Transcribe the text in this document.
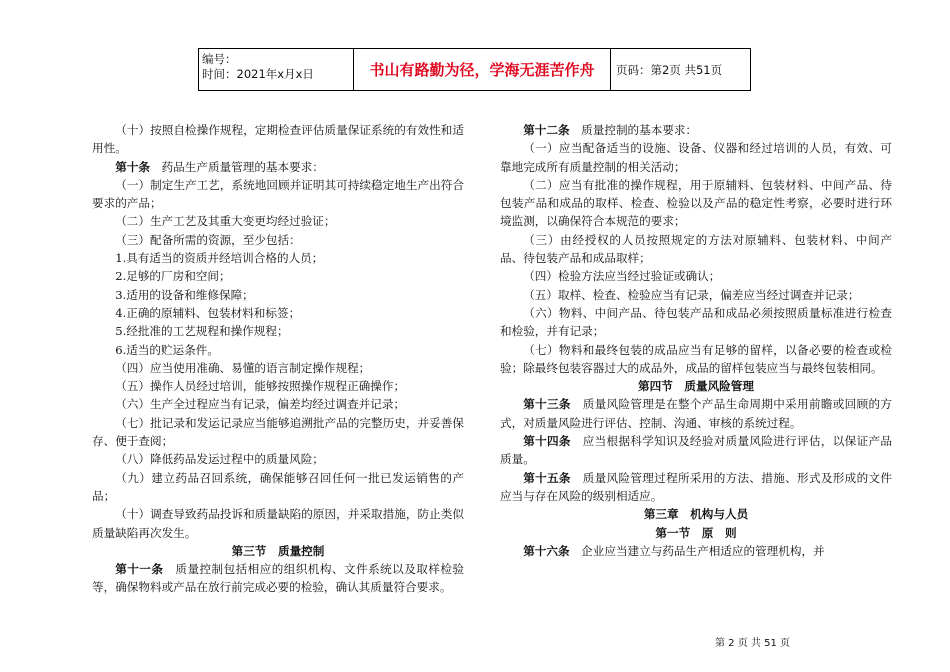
编号：
时间：2021年x月x日	书山有路勤为径，学海无涯苦作舟	页码：第2页 共51页

（十）按照自检操作规程，定期检查评估质量保证系统的有效性和适用性。

第十条　药品生产质量管理的基本要求：

（一）制定生产工艺，系统地回顾并证明其可持续稳定地生产出符合要求的产品；

（二）生产工艺及其重大变更均经过验证；

（三）配备所需的资源，至少包括：

1.具有适当的资质并经培训合格的人员；

2.足够的厂房和空间；

3.适用的设备和维修保障；

4.正确的原辅料、包装材料和标签；

5.经批准的工艺规程和操作规程；

6.适当的贮运条件。

（四）应当使用准确、易懂的语言制定操作规程；

（五）操作人员经过培训，能够按照操作规程正确操作；

（六）生产全过程应当有记录，偏差均经过调查并记录；

（七）批记录和发运记录应当能够追溯批产品的完整历史，并妥善保存、便于查阅；

（八）降低药品发运过程中的质量风险；

（九）建立药品召回系统，确保能够召回任何一批已发运销售的产品；

（十）调查导致药品投诉和质量缺陷的原因，并采取措施，防止类似质量缺陷再次发生。

第三节　质量控制

第十一条　质量控制包括相应的组织机构、文件系统以及取样检验等，确保物料或产品在放行前完成必要的检验，确认其质量符合要求。

第十二条　质量控制的基本要求：

（一）应当配备适当的设施、设备、仪器和经过培训的人员，有效、可靠地完成所有质量控制的相关活动；

（二）应当有批准的操作规程，用于原辅料、包装材料、中间产品、待包装产品和成品的取样、检查、检验以及产品的稳定性考察，必要时进行环境监测，以确保符合本规范的要求；

（三）由经授权的人员按照规定的方法对原辅料、包装材料、中间产品、待包装产品和成品取样；

（四）检验方法应当经过验证或确认；

（五）取样、检查、检验应当有记录，偏差应当经过调查并记录；

（六）物料、中间产品、待包装产品和成品必须按照质量标准进行检查和检验，并有记录；

（七）物料和最终包装的成品应当有足够的留样，以备必要的检查或检验；除最终包装容器过大的成品外，成品的留样包装应当与最终包装相同。

第四节　质量风险管理

第十三条　质量风险管理是在整个产品生命周期中采用前瞻或回顾的方式，对质量风险进行评估、控制、沟通、审核的系统过程。

第十四条　应当根据科学知识及经验对质量风险进行评估，以保证产品质量。

第十五条　质量风险管理过程所采用的方法、措施、形式及形成的文件应当与存在风险的级别相适应。

第三章　机构与人员

第一节　原　则

第十六条　企业应当建立与药品生产相适应的管理机构，并

第 2 页 共 51 页
